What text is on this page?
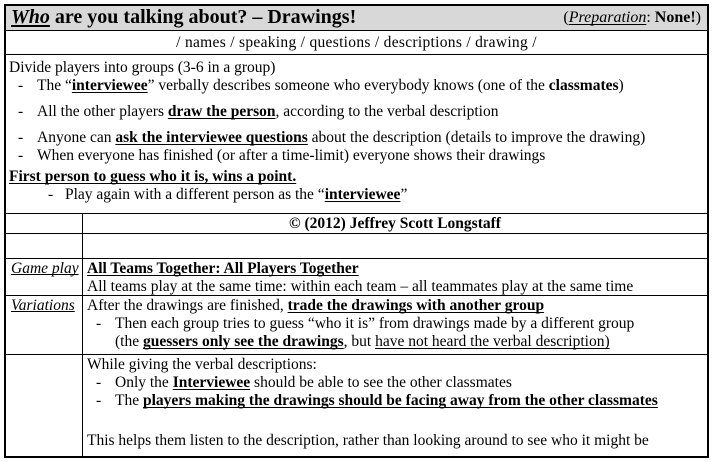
Who are you talking about? – Drawings!	(Preparation: None!)
/ names / speaking / questions / descriptions / drawing /
Divide players into groups (3-6 in a group)
- The “interviewee” verbally describes someone who everybody knows (one of the classmates)
- All the other players draw the person, according to the verbal description
- Anyone can ask the interviewee questions about the description (details to improve the drawing)
- When everyone has finished (or after a time-limit) everyone shows their drawings
First person to guess who it is, wins a point.
- Play again with a different person as the “interviewee”
© (2012) Jeffrey Scott Longstaff
Game play All Teams Together: All Players Together
All teams play at the same time: within each team – all teammates play at the same time
Variations After the drawings are finished, trade the drawings with another group
- Then each group tries to guess “who it is” from drawings made by a different group
(the guessers only see the drawings, but have not heard the verbal description)
While giving the verbal descriptions:
- Only the Interviewee should be able to see the other classmates
- The players making the drawings should be facing away from the other classmates
This helps them listen to the description, rather than looking around to see who it might be
